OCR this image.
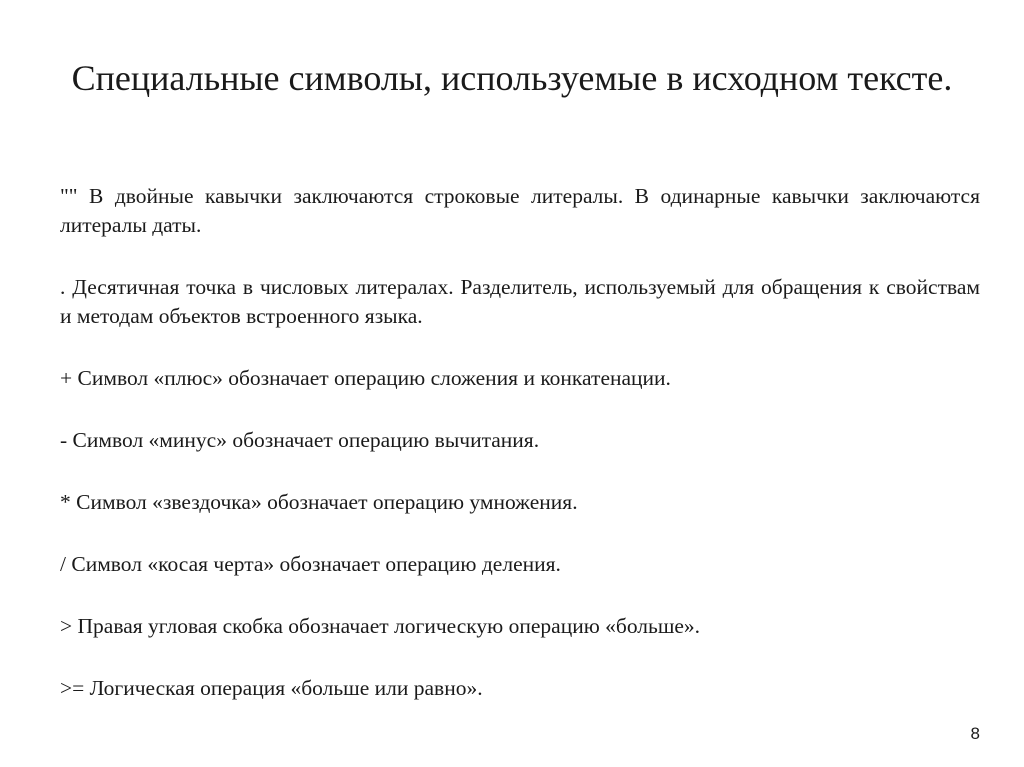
Специальные символы, используемые в исходном тексте.

"" В двойные кавычки заключаются строковые литералы. В одинарные кавычки заключаются литералы даты.

. Десятичная точка в числовых литералах. Разделитель, используемый для обращения к свойствам и методам объектов встроенного языка.

+ Символ «плюс» обозначает операцию сложения и конкатенации.

- Символ «минус» обозначает операцию вычитания.

* Символ «звездочка» обозначает операцию умножения.

/ Символ «косая черта» обозначает операцию деления.

> Правая угловая скобка обозначает логическую операцию «больше».

>= Логическая операция «больше или равно».

8
